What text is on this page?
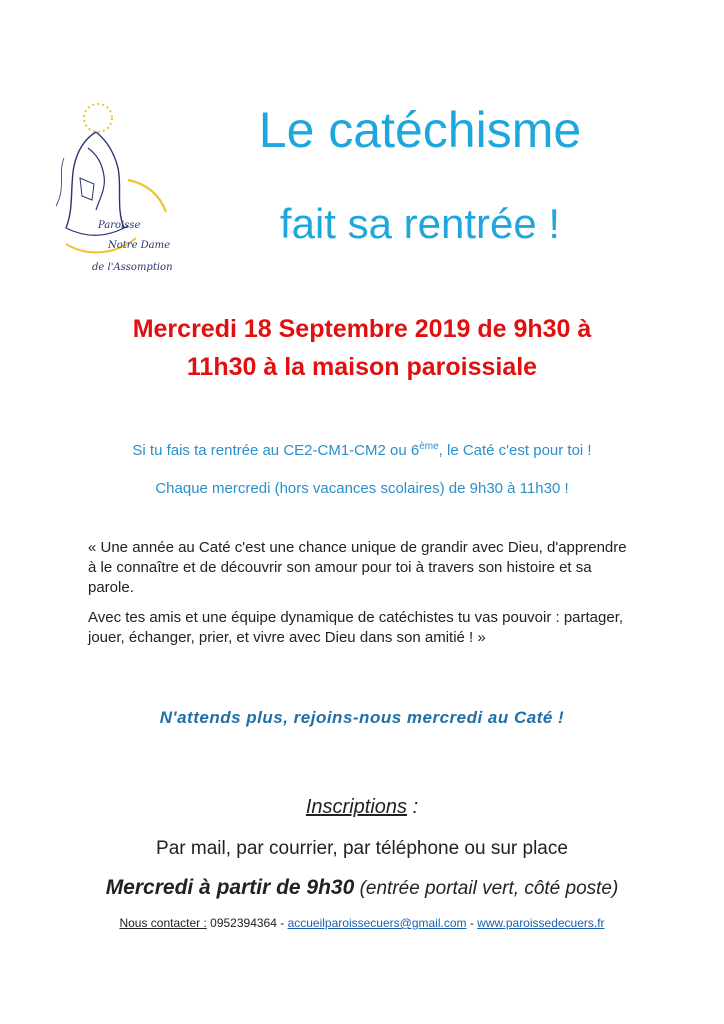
Paroisse
Notre Dame
de l'Assomption
Le catéchisme
fait sa rentrée !
Mercredi 18 Septembre 2019 de 9h30 à
11h30 à la maison paroissiale

Si tu fais ta rentrée au CE2-CM1-CM2 ou 6ème, le Caté c'est pour toi !

Chaque mercredi (hors vacances scolaires) de 9h30 à 11h30 !

« Une année au Caté c'est une chance unique de grandir avec Dieu, d'apprendre à le connaître et de découvrir son amour pour toi à travers son histoire et sa parole.

Avec tes amis et une équipe dynamique de catéchistes tu vas pouvoir : partager, jouer, échanger, prier, et vivre avec Dieu dans son amitié ! »

N'attends plus, rejoins-nous mercredi au Caté !
Inscriptions :
Par mail, par courrier, par téléphone ou sur place
Mercredi à partir de 9h30 (entrée portail vert, côté poste)
Nous contacter : 0952394364 - accueilparoissecuers@gmail.com - www.paroissedecuers.fr
